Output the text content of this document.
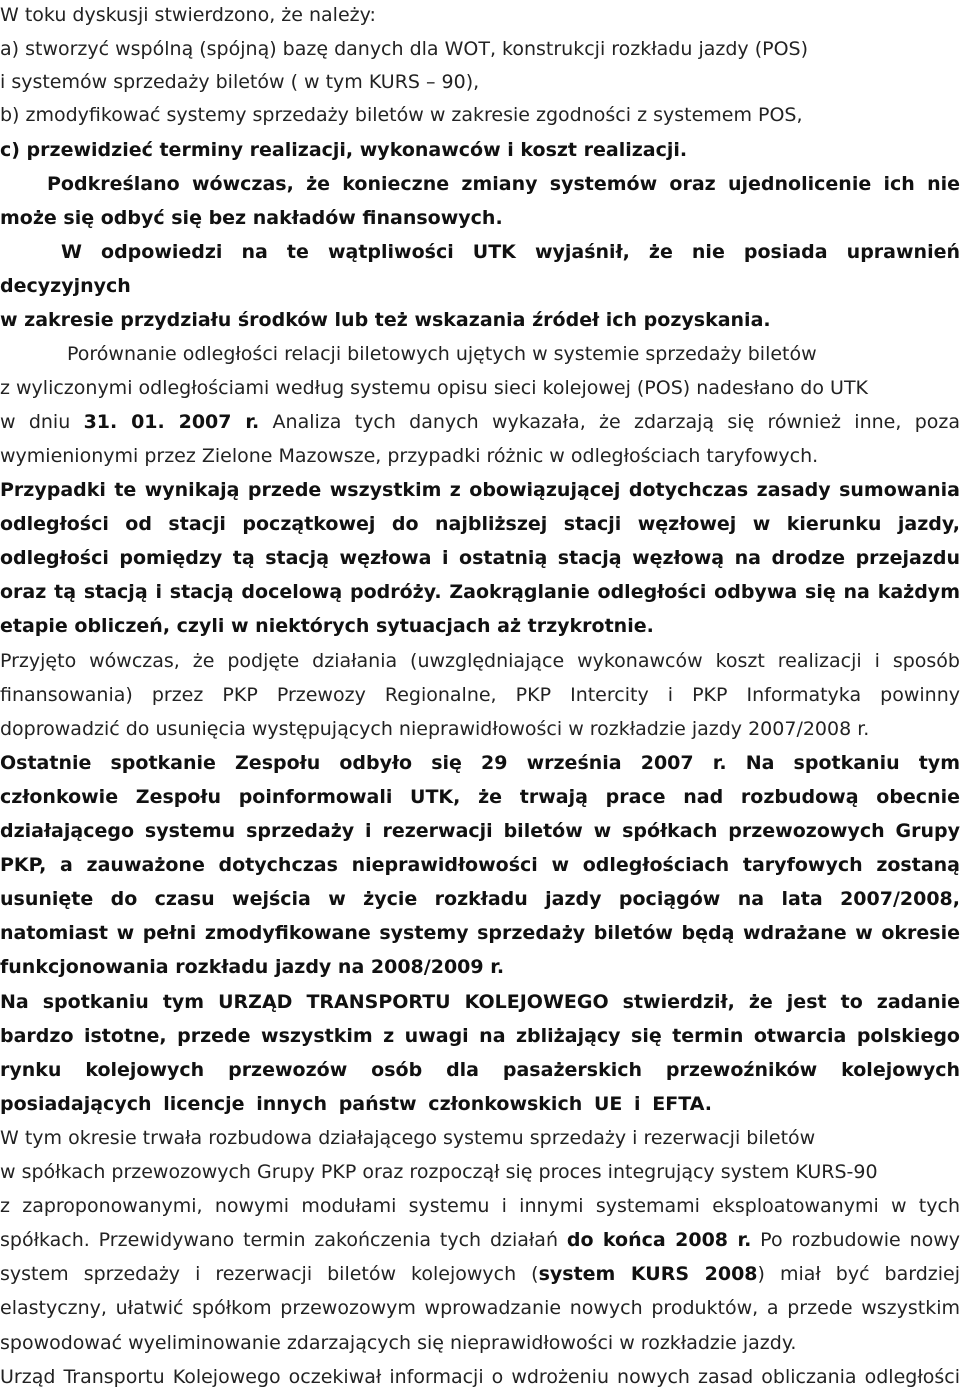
W toku dyskusji stwierdzono, że należy:

a) stworzyć wspólną (spójną) bazę danych dla WOT, konstrukcji rozkładu jazdy (POS)

i systemów sprzedaży biletów ( w tym KURS – 90),

b) zmodyfikować systemy sprzedaży biletów w zakresie zgodności z systemem POS,

c) przewidzieć terminy realizacji, wykonawców i koszt realizacji.

Podkreślano wówczas, że konieczne zmiany systemów oraz ujednolicenie ich nie

może się odbyć się bez nakładów finansowych.

W odpowiedzi na te wątpliwości UTK wyjaśnił, że nie posiada uprawnień

decyzyjnych

w zakresie przydziału środków lub też wskazania źródeł ich pozyskania.

Porównanie odległości relacji biletowych ujętych w systemie sprzedaży biletów

z wyliczonymi odległościami według systemu opisu sieci kolejowej (POS) nadesłano do UTK

w dniu 31. 01. 2007 r. Analiza tych danych wykazała, że zdarzają się również inne, poza

wymienionymi przez Zielone Mazowsze, przypadki różnic w odległościach taryfowych.

Przypadki te wynikają przede wszystkim z obowiązującej dotychczas zasady sumowania

odległości od stacji początkowej do najbliższej stacji węzłowej w kierunku jazdy,

odległości pomiędzy tą stacją węzłowa i ostatnią stacją węzłową na drodze przejazdu

oraz tą stacją i stacją docelową podróży. Zaokrąglanie odległości odbywa się na każdym

etapie obliczeń, czyli w niektórych sytuacjach aż trzykrotnie.

Przyjęto wówczas, że podjęte działania (uwzględniające wykonawców koszt realizacji i sposób

finansowania) przez PKP Przewozy Regionalne, PKP Intercity i PKP Informatyka powinny

doprowadzić do usunięcia występujących nieprawidłowości w rozkładzie jazdy 2007/2008 r.

Ostatnie spotkanie Zespołu odbyło się 29 września 2007 r. Na spotkaniu tym

członkowie Zespołu poinformowali UTK, że trwają prace nad rozbudową obecnie

działającego systemu sprzedaży i rezerwacji biletów w spółkach przewozowych Grupy

PKP, a zauważone dotychczas nieprawidłowości w odległościach taryfowych zostaną

usunięte do czasu wejścia w życie rozkładu jazdy pociągów na lata 2007/2008,

natomiast w pełni zmodyfikowane systemy sprzedaży biletów będą wdrażane w okresie

funkcjonowania rozkładu jazdy na 2008/2009 r.

Na spotkaniu tym URZĄD TRANSPORTU KOLEJOWEGO stwierdził, że jest to zadanie

bardzo istotne, przede wszystkim z uwagi na zbliżający się termin otwarcia polskiego

rynku kolejowych przewozów osób dla pasażerskich przewoźników kolejowych

posiadających licencje innych państw członkowskich UE i EFTA.

W tym okresie trwała rozbudowa działającego systemu sprzedaży i rezerwacji biletów

w spółkach przewozowych Grupy PKP oraz rozpoczął się proces integrujący system KURS-90

z zaproponowanymi, nowymi modułami systemu i innymi systemami eksploatowanymi w tych

spółkach. Przewidywano termin zakończenia tych działań do końca 2008 r. Po rozbudowie nowy

system sprzedaży i rezerwacji biletów kolejowych (system KURS 2008) miał być bardziej

elastyczny, ułatwić spółkom przewozowym wprowadzanie nowych produktów, a przede wszystkim

spowodować wyeliminowanie zdarzających się nieprawidłowości w rozkładzie jazdy.

Urząd Transportu Kolejowego oczekiwał informacji o wdrożeniu nowych zasad obliczania odległości
